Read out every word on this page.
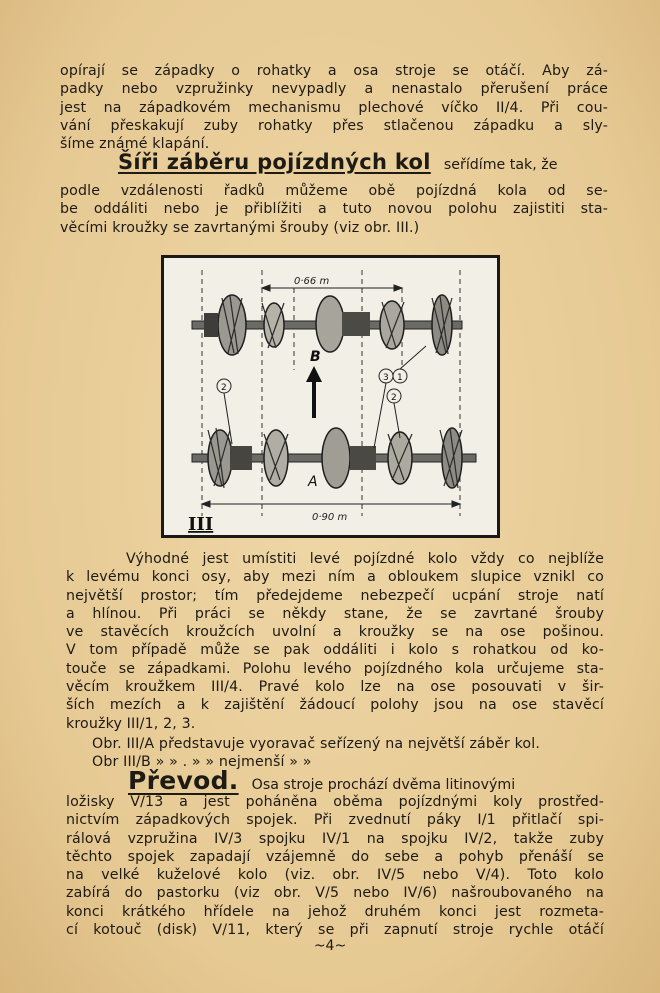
opírají se západky o rohatky a osa stroje se otáčí. Aby zá-
padky nebo vzpružinky nevypadly a nenastalo přerušení práce
jest na západkovém mechanismu plechové víčko II/4. Při cou-
vání přeskakují zuby rohatky přes stlačenou západku a sly-
šíme známé klapání.
Šíři záběru pojízdných kol seřídíme tak, že
podle vzdálenosti řadků můžeme obě pojízdná kola od se-
be oddáliti nebo je přiblížiti a tuto novou polohu zajistiti sta-
věcími kroužky se zavrtanými šrouby (viz obr. III.)
0·66 m
0·90 m
B
A
2
3 1
2
III
Výhodné jest umístiti levé pojízdné kolo vždy co nejblíže
k levému konci osy, aby mezi ním a obloukem slupice vznikl co
největší prostor; tím předejdeme nebezpečí ucpání stroje natí
a hlínou. Při práci se někdy stane, že se zavrtané šrouby
ve stavěcích kroužcích uvolní a kroužky se na ose pošinou.
V tom případě může se pak oddáliti i kolo s rohatkou od ko-
touče se západkami. Polohu levého pojízdného kola určujeme sta-
věcím kroužkem III/4. Pravé kolo lze na ose posouvati v šir-
ších mezích a k zajištění žádoucí polohy jsou na ose stavěcí
kroužky III/1, 2, 3.
Obr. III/A představuje vyoravač seřízený na největší záběr kol.
Obr III/B » » . » » nejmenší » »
Převod. Osa stroje prochází dvěma litinovými
ložisky V/13 a jest poháněna oběma pojízdnými koly prostřed-
nictvím západkových spojek. Při zvednutí páky I/1 přitlačí spi-
rálová vzpružina IV/3 spojku IV/1 na spojku IV/2, takže zuby
těchto spojek zapadají vzájemně do sebe a pohyb přenáší se
na velké kuželové kolo (viz. obr. IV/5 nebo V/4). Toto kolo
zabírá do pastorku (viz obr. V/5 nebo IV/6) našroubovaného na
konci krátkého hřídele na jehož druhém konci jest rozmeta-
cí kotouč (disk) V/11, který se při zapnutí stroje rychle otáčí
~4~
